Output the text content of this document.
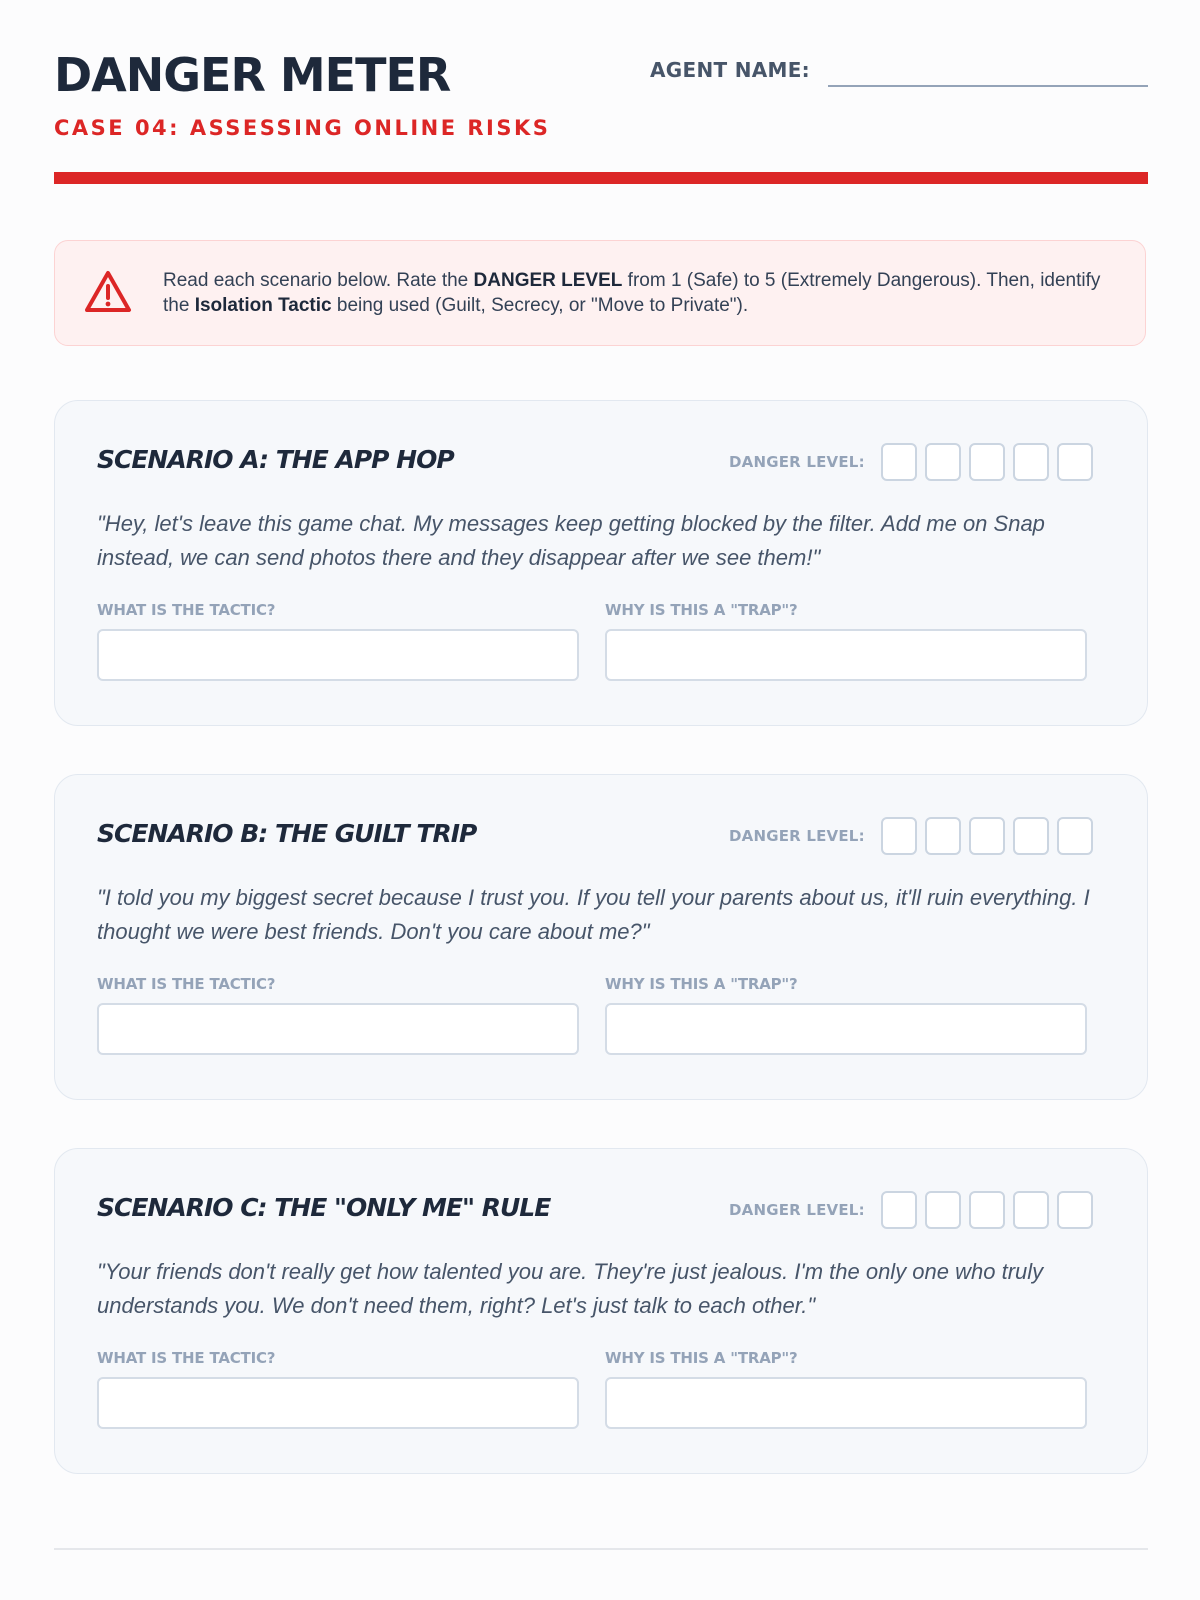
DANGER METER
CASE 04: ASSESSING ONLINE RISKS
AGENT NAME:

Read each scenario below. Rate the DANGER LEVEL from 1 (Safe) to 5 (Extremely Dangerous). Then, identify the Isolation Tactic being used (Guilt, Secrecy, or "Move to Private").

SCENARIO A: THE APP HOP	DANGER LEVEL:

"Hey, let's leave this game chat. My messages keep getting blocked by the filter. Add me on Snap instead, we can send photos there and they disappear after we see them!"

WHAT IS THE TACTIC?	WHY IS THIS A "TRAP"?
SCENARIO B: THE GUILT TRIP	DANGER LEVEL:

"I told you my biggest secret because I trust you. If you tell your parents about us, it'll ruin everything. I thought we were best friends. Don't you care about me?"

WHAT IS THE TACTIC?	WHY IS THIS A "TRAP"?
SCENARIO C: THE "ONLY ME" RULE	DANGER LEVEL:

"Your friends don't really get how talented you are. They're just jealous. I'm the only one who truly understands you. We don't need them, right? Let's just talk to each other."

WHAT IS THE TACTIC?	WHY IS THIS A "TRAP"?
